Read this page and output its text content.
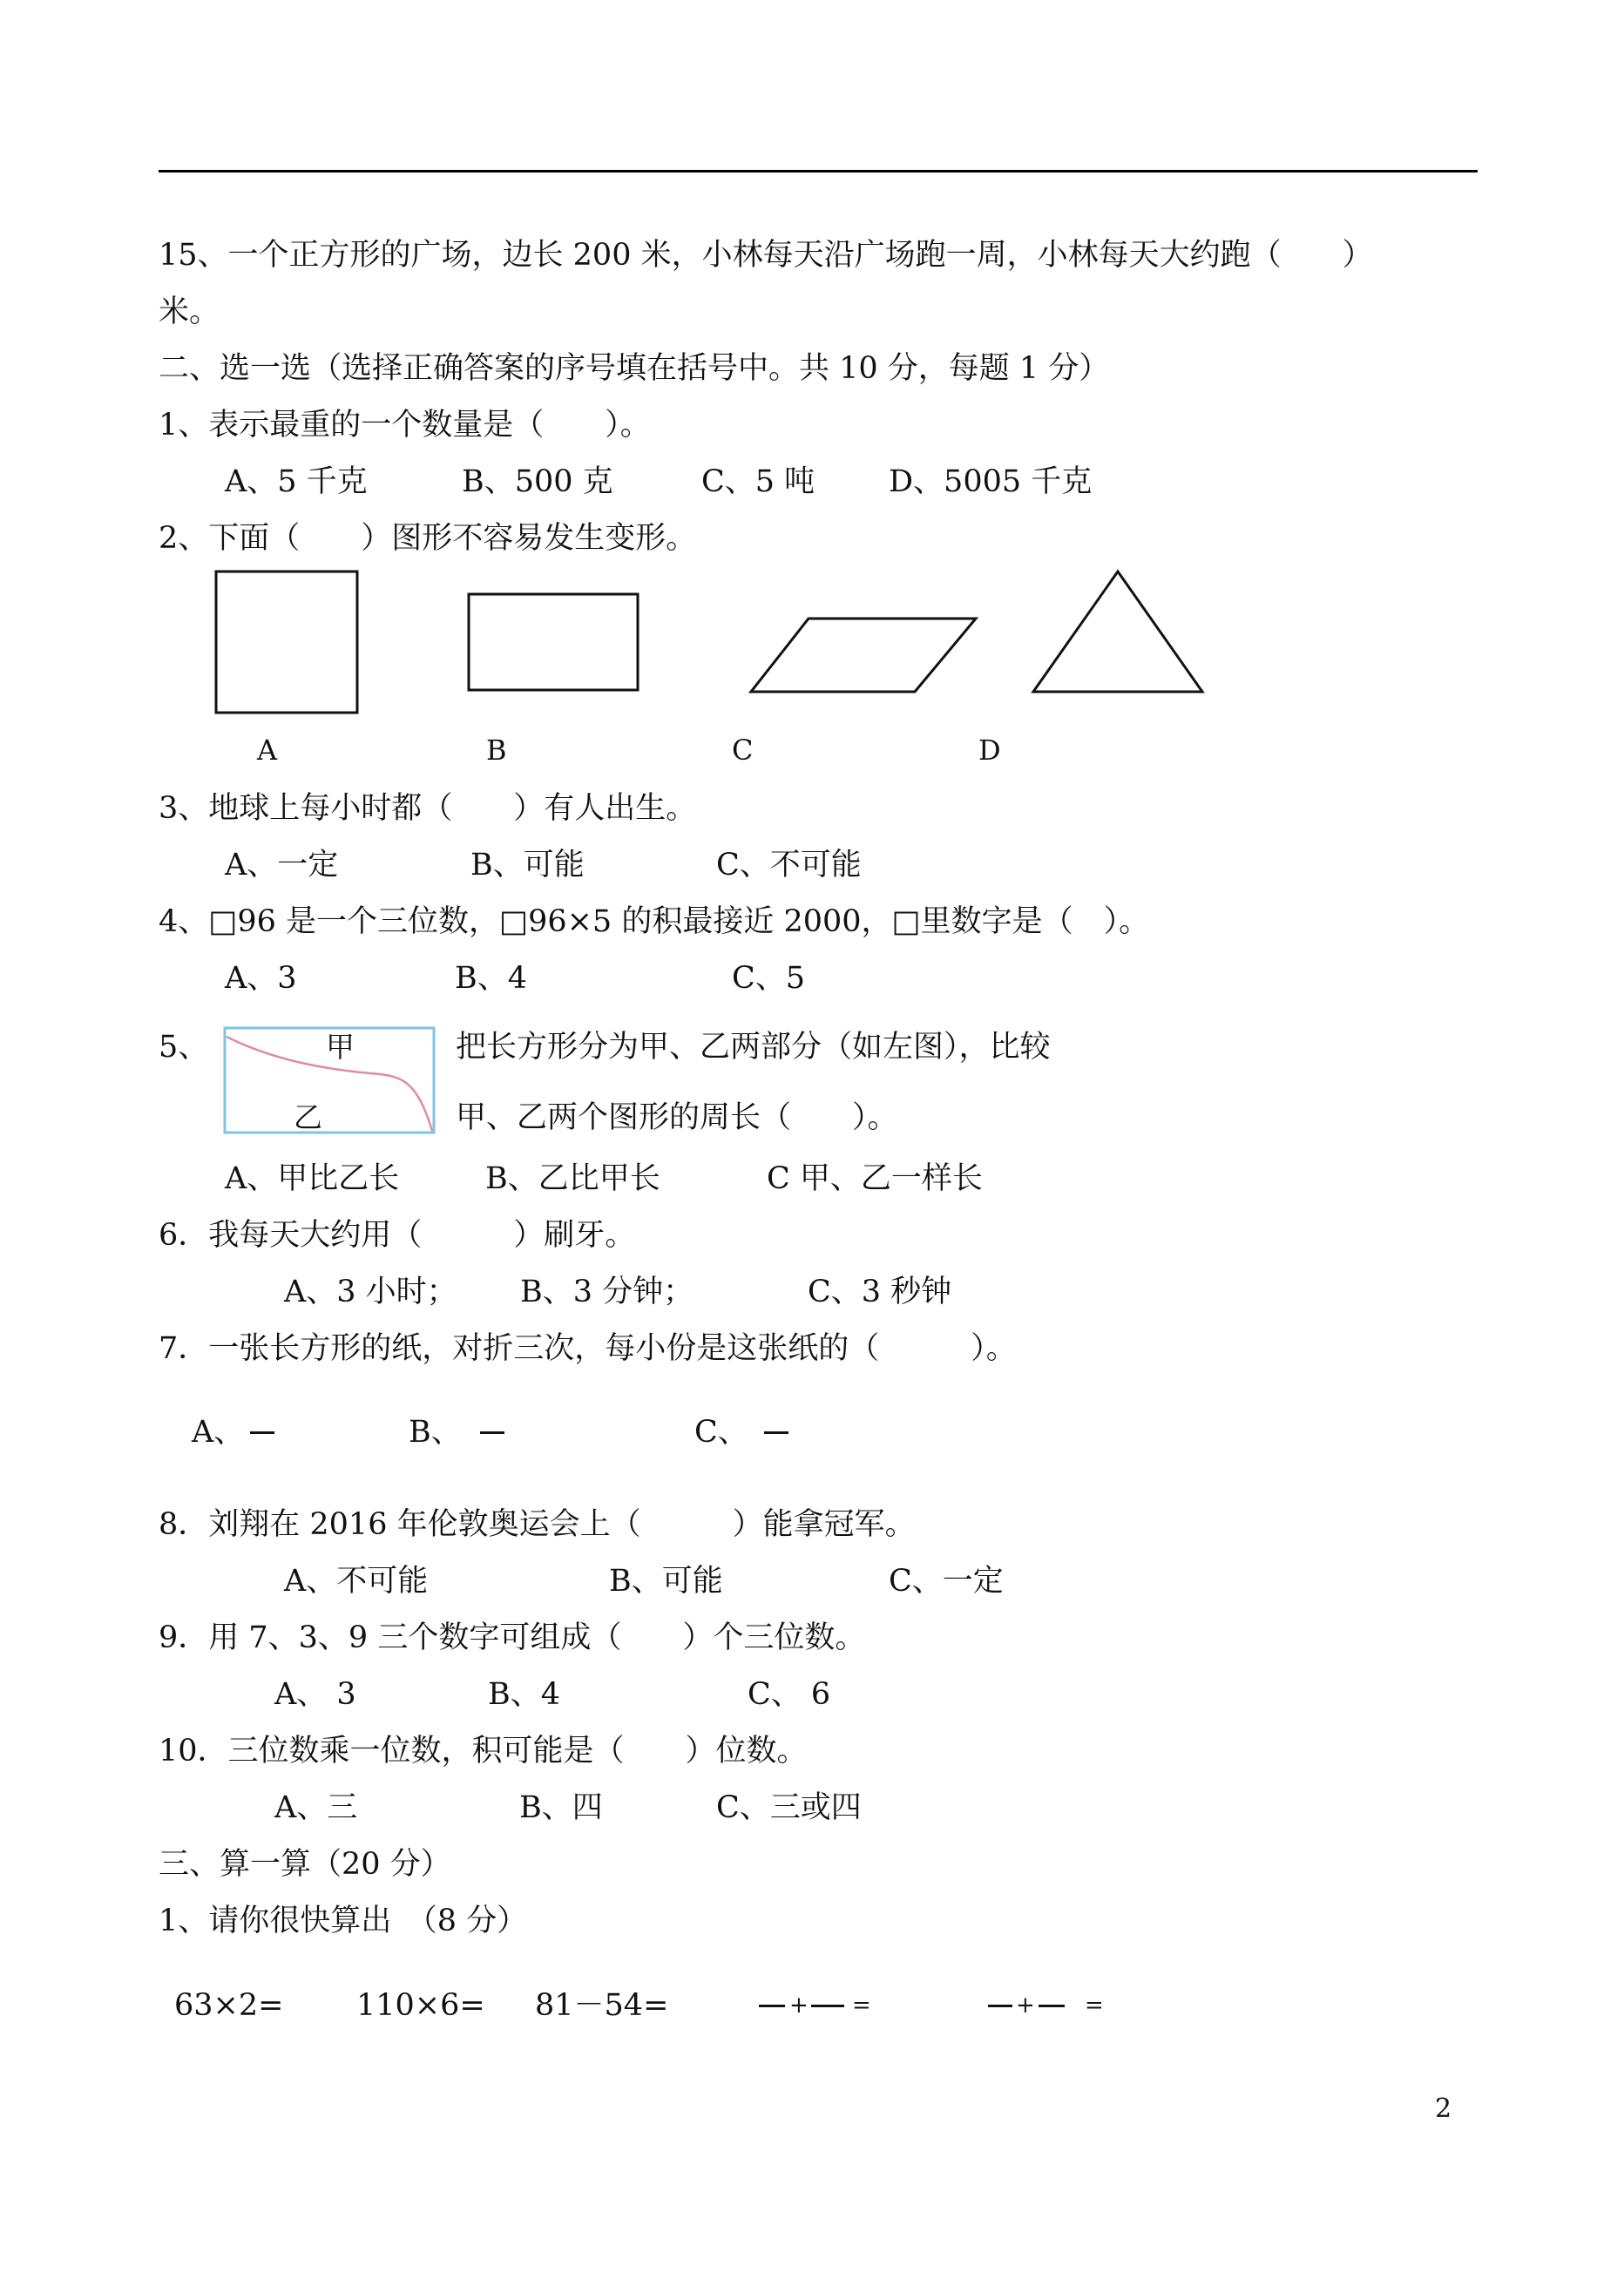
15、一个正方形的广场，边长 200 米，小林每天沿广场跑一周，小林每天大约跑（　　）
米。
二、选一选（选择正确答案的序号填在括号中。共 10 分，每题 1 分）
1、表示最重的一个数量是（　　）。
A、5 千克	B、500 克	C、5 吨 D、5005 千克
2、下面（　　）图形不容易发生变形。
A	B	C	D
3、地球上每小时都（　　）有人出生。
A、一定	B、可能	C、不可能
4、□96 是一个三位数，□96×5 的积最接近 2000，□里数字是（　）。
A、3	B、4	C、5
5、	甲
乙
把长方形分为甲、乙两部分（如左图），比较
甲、乙两个图形的周长（　　）。
A、甲比乙长	B、乙比甲长	C 甲、乙一样长
6．我每天大约用（　　　）刷牙。
A、3 小时； B、3 分钟；	C、3 秒钟
7．一张长方形的纸，对折三次，每小份是这张纸的（　　　）。
A、	B、	C、
8．刘翔在 2016 年伦敦奥运会上（　　　）能拿冠军。
A、不可能	B、可能	C、一定
9．用 7、3、9 三个数字可组成（　　）个三位数。
A、 3	B、4	C、 6
10．三位数乘一位数，积可能是（　　）位数。
A、三	B、四	C、三或四
三、算一算（20 分）
1、请你很快算出　（8 分）
63×2= 110×6= 81－54=	+ =	+ =
2
